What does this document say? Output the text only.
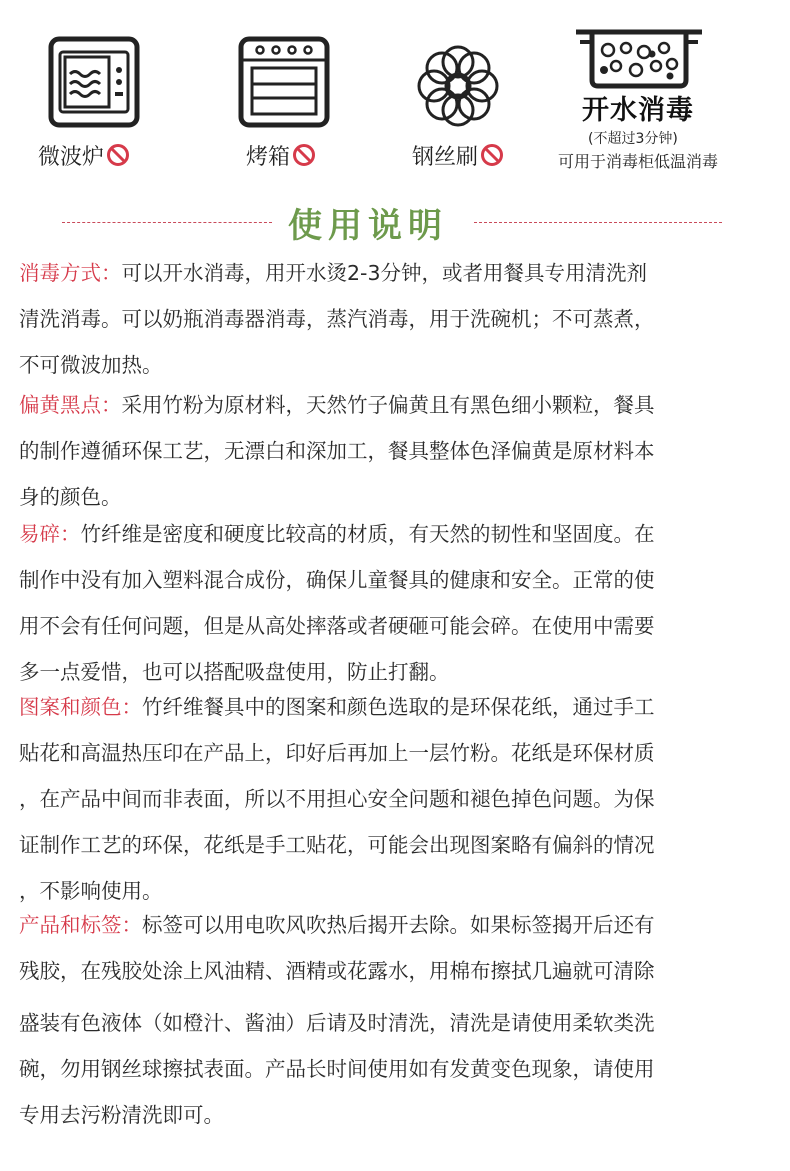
微波炉	烤箱	钢丝刷
开水消毒
(不超过3分钟)
可用于消毒柜低温消毒
使用说明
消毒方式：可以开水消毒，用开水烫2-3分钟，或者用餐具专用清洗剂
清洗消毒。可以奶瓶消毒器消毒，蒸汽消毒，用于洗碗机；不可蒸煮，
不可微波加热。
偏黄黑点：采用竹粉为原材料，天然竹子偏黄且有黑色细小颗粒，餐具
的制作遵循环保工艺，无漂白和深加工，餐具整体色泽偏黄是原材料本
身的颜色。
易碎：竹纤维是密度和硬度比较高的材质，有天然的韧性和坚固度。在
制作中没有加入塑料混合成份，确保儿童餐具的健康和安全。正常的使
用不会有任何问题，但是从高处摔落或者硬砸可能会碎。在使用中需要
多一点爱惜，也可以搭配吸盘使用，防止打翻。
图案和颜色：竹纤维餐具中的图案和颜色选取的是环保花纸，通过手工
贴花和高温热压印在产品上，印好后再加上一层竹粉。花纸是环保材质
，在产品中间而非表面，所以不用担心安全问题和褪色掉色问题。为保
证制作工艺的环保，花纸是手工贴花，可能会出现图案略有偏斜的情况
，不影响使用。
产品和标签：标签可以用电吹风吹热后揭开去除。如果标签揭开后还有
残胶，在残胶处涂上风油精、酒精或花露水，用棉布擦拭几遍就可清除
盛装有色液体（如橙汁、酱油）后请及时清洗，清洗是请使用柔软类洗
碗，勿用钢丝球擦拭表面。产品长时间使用如有发黄变色现象，请使用
专用去污粉清洗即可。
